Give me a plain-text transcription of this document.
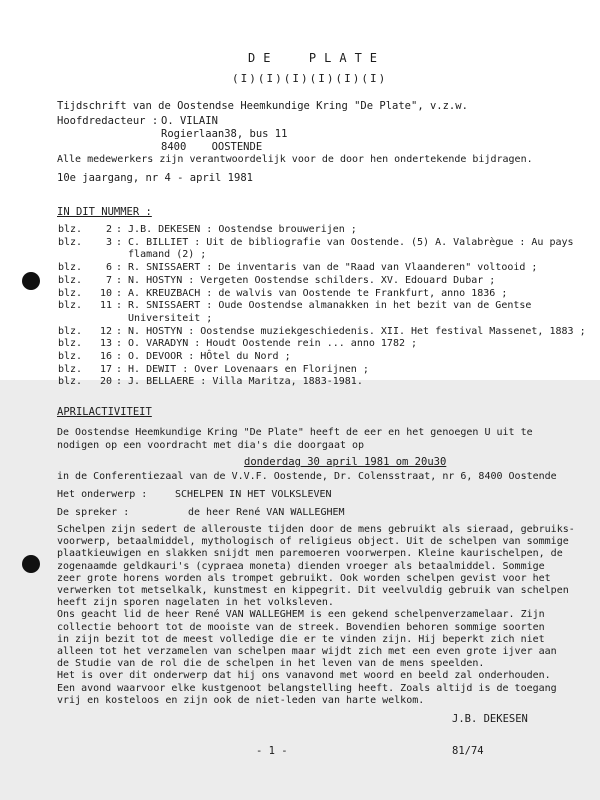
DE  PLATE
(I)(I)(I)(I)(I)(I)
Tijdschrift van de Oostendse Heemkundige Kring "De Plate", v.z.w.
Hoofdredacteur : O. VILAIN
Rogierlaan38, bus 11
8400    OOSTENDE
Alle medewerkers zijn verantwoordelijk voor de door hen ondertekende bijdragen.
10e jaargang, nr 4 - april 1981
IN DIT NUMMER :
blz. 2 : J.B. DEKESEN : Oostendse brouwerijen ;
blz. 3 : C. BILLIET : Uit de bibliografie van Oostende. (5) A. Valabrègue : Au pays
flamand (2) ;
blz. 6 : R. SNISSAERT : De inventaris van de "Raad van Vlaanderen" voltooid ;
blz. 7 : N. HOSTYN : Vergeten Oostendse schilders. XV. Edouard Dubar ;
blz. 10 : A. KREUZBACH : de walvis van Oostende te Frankfurt, anno 1836 ;
blz. 11 : R. SNISSAERT : Oude Oostendse almanakken in het bezit van de Gentse
Universiteit ;
blz. 12 : N. HOSTYN : Oostendse muziekgeschiedenis. XII. Het festival Massenet, 1883 ;
blz. 13 : O. VARADYN : Houdt Oostende rein ... anno 1782 ;
blz. 16 : O. DEVOOR : HÔtel du Nord ;
blz. 17 : H. DEWIT : Over Lovenaars en Florijnen ;
blz. 20 : J. BELLAERE : Villa Maritza, 1883-1981.
APRILACTIVITEIT
De Oostendse Heemkundige Kring "De Plate" heeft de eer en het genoegen U uit te
nodigen op een voordracht met dia's die doorgaat op
donderdag 30 april 1981 om 20u30
in de Conferentiezaal van de V.V.F. Oostende, Dr. Colensstraat, nr 6, 8400 Oostende
Het onderwerp :	SCHELPEN IN HET VOLKSLEVEN
De spreker :	de heer René VAN WALLEGHEM
Schelpen zijn sedert de allerouste tijden door de mens gebruikt als sieraad, gebruiks-
voorwerp, betaalmiddel, mythologisch of religieus object. Uit de schelpen van sommige
plaatkieuwigen en slakken snijdt men paremoeren voorwerpen. Kleine kaurischelpen, de
zogenaamde geldkauri's (cypraea moneta) dienden vroeger als betaalmiddel. Sommige
zeer grote horens worden als trompet gebruikt. Ook worden schelpen gevist voor het
verwerken tot metselkalk, kunstmest en kippegrit. Dit veelvuldig gebruik van schelpen
heeft zijn sporen nagelaten in het volksleven.
Ons geacht lid de heer René VAN WALLEGHEM is een gekend schelpenverzamelaar. Zijn
collectie behoort tot de mooiste van de streek. Bovendien behoren sommige soorten
in zijn bezit tot de meest volledige die er te vinden zijn. Hij beperkt zich niet
alleen tot het verzamelen van schelpen maar wijdt zich met een even grote ijver aan
de Studie van de rol die de schelpen in het leven van de mens speelden.
Het is over dit onderwerp dat hij ons vanavond met woord en beeld zal onderhouden.
Een avond waarvoor elke kustgenoot belangstelling heeft. Zoals altijd is de toegang
vrij en kosteloos en zijn ook de niet-leden van harte welkom.
J.B. DEKESEN
- 1 -	81/74
